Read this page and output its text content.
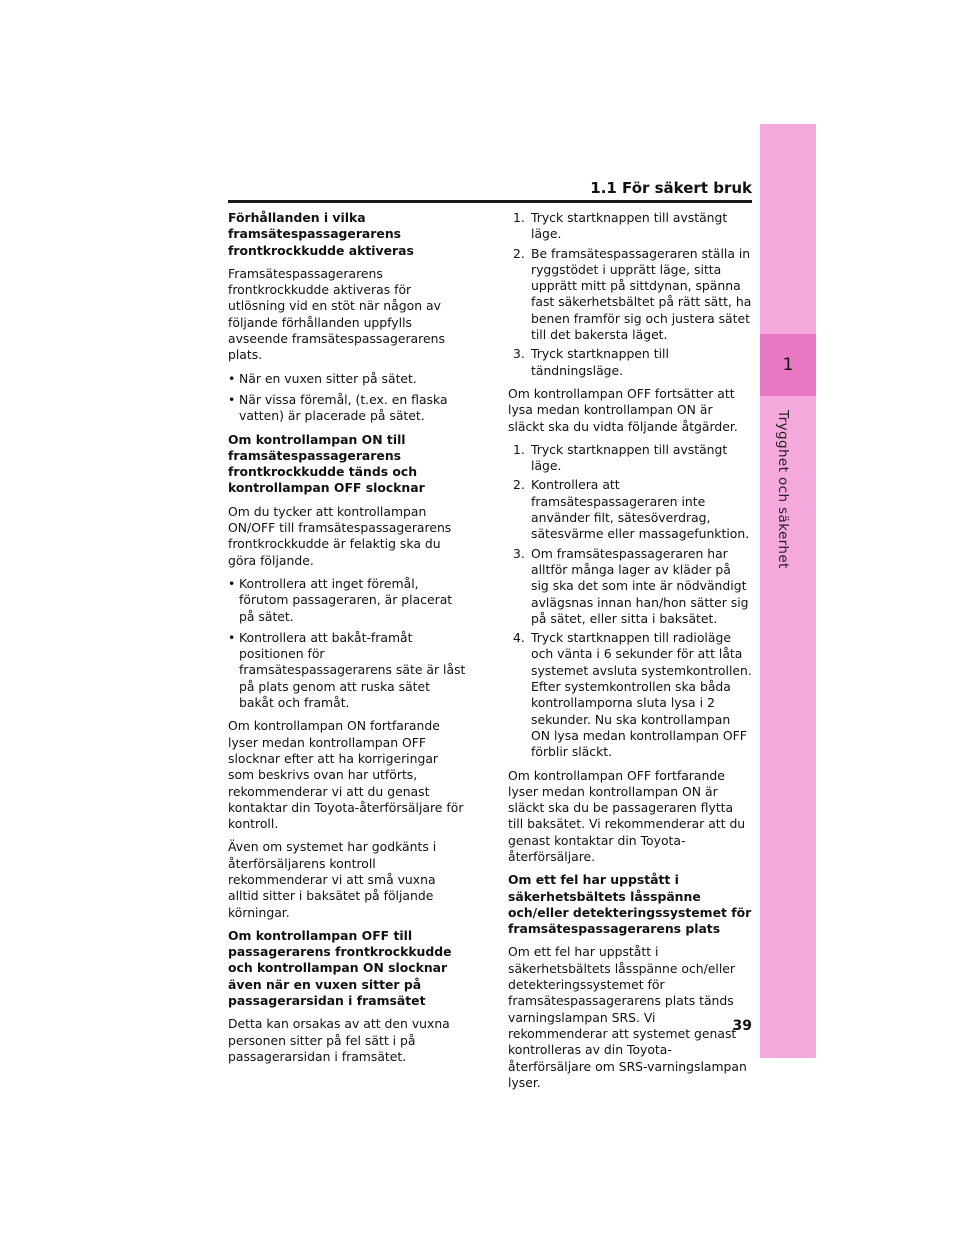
1.1 För säkert bruk
1
Trygghet och säkerhet
Förhållanden i vilka framsätespassagerarens frontkrockkudde aktiveras

Framsätespassagerarens frontkrockkudde aktiveras för utlösning vid en stöt när någon av följande förhållanden uppfylls avseende framsätespassagerarens plats.

• När en vuxen sitter på sätet.
• När vissa föremål, (t.ex. en flaska vatten) är placerade på sätet.
Om kontrollampan ON till framsätespassagerarens frontkrockkudde tänds och kontrollampan OFF slocknar

Om du tycker att kontrollampan ON/OFF till framsätespassagerarens frontkrockkudde är felaktig ska du göra följande.

• Kontrollera att inget föremål, förutom passageraren, är placerat på sätet.
• Kontrollera att bakåt-framåt positionen för framsätespassagerarens säte är låst på plats genom att ruska sätet bakåt och framåt.

Om kontrollampan ON fortfarande lyser medan kontrollampan OFF slocknar efter att ha korrigeringar som beskrivs ovan har utförts, rekommenderar vi att du genast kontaktar din Toyota-återförsäljare för kontroll.

Även om systemet har godkänts i återförsäljarens kontroll rekommenderar vi att små vuxna alltid sitter i baksätet på följande körningar.

Om kontrollampan OFF till passagerarens frontkrockkudde och kontrollampan ON slocknar även när en vuxen sitter på passagerarsidan i framsätet

Detta kan orsakas av att den vuxna personen sitter på fel sätt i på passagerarsidan i framsätet.

1. Tryck startknappen till avstängt läge.
2. Be framsätespassageraren ställa in ryggstödet i upprätt läge, sitta upprätt mitt på sittdynan, spänna fast säkerhetsbältet på rätt sätt, ha benen framför sig och justera sätet till det bakersta läget.
3. Tryck startknappen till tändningsläge.

Om kontrollampan OFF fortsätter att lysa medan kontrollampan ON är släckt ska du vidta följande åtgärder.

1. Tryck startknappen till avstängt läge.
2. Kontrollera att framsätespassageraren inte använder filt, sätesöverdrag, sätesvärme eller massagefunktion.
3. Om framsätespassageraren har alltför många lager av kläder på sig ska det som inte är nödvändigt avlägsnas innan han/hon sätter sig på sätet, eller sitta i baksätet.
4. Tryck startknappen till radioläge och vänta i 6 sekunder för att låta systemet avsluta systemkontrollen. Efter systemkontrollen ska båda kontrollamporna sluta lysa i 2 sekunder. Nu ska kontrollampan ON lysa medan kontrollampan OFF förblir släckt.

Om kontrollampan OFF fortfarande lyser medan kontrollampan ON är släckt ska du be passageraren flytta till baksätet. Vi rekommenderar att du genast kontaktar din Toyota-återförsäljare.

Om ett fel har uppstått i säkerhetsbältets låsspänne och/eller detekteringssystemet för framsätespassagerarens plats

Om ett fel har uppstått i säkerhetsbältets låsspänne och/eller detekteringssystemet för framsätespassagerarens plats tänds varningslampan SRS. Vi rekommenderar att systemet genast kontrolleras av din Toyota-återförsäljare om SRS-varningslampan lyser.

39
